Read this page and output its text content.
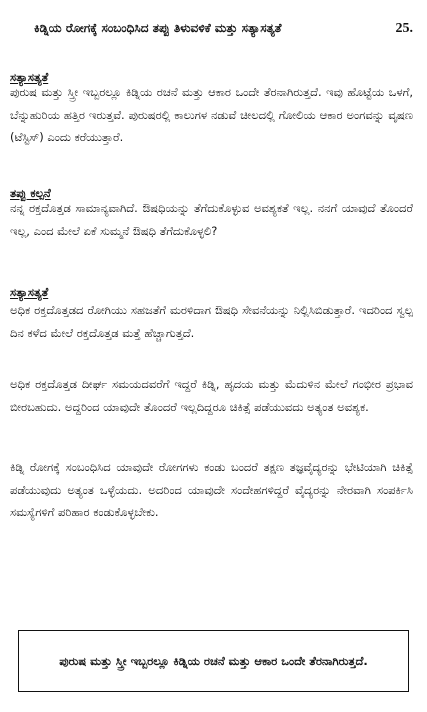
ಕಿಡ್ನಿಯ ರೋಗಕ್ಕೆ ಸಂಬಂಧಿಸಿದ ತಪ್ಪು ತಿಳುವಳಿಕೆ ಮತ್ತು ಸತ್ಯಾಸತ್ಯತೆ	25.
ಸತ್ಯಾಸತ್ಯತೆ

ಪುರುಷ ಮತ್ತು ಸ್ತ್ರೀ ಇಬ್ಬರಲ್ಲೂ ಕಿಡ್ನಿಯ ರಚನೆ ಮತ್ತು ಆಕಾರ ಒಂದೇ ತೆರನಾಗಿರುತ್ತದೆ. ಇವು ಹೊಟ್ಟೆಯ ಒಳಗೆ, ಬೆನ್ನುಹುರಿಯ ಹತ್ತಿರ ಇರುತ್ತವೆ. ಪುರುಷರಲ್ಲಿ ಕಾಲುಗಳ ನಡುವೆ ಚೀಲದಲ್ಲಿ ಗೋಲಿಯ ಆಕಾರ ಅಂಗವನ್ನು ವೃಷಣ (ಟೆಸ್ಟಿಸ್) ಎಂದು ಕರೆಯುತ್ತಾರೆ.

ತಪ್ಪು ಕಲ್ಪನೆ

ನನ್ನ ರಕ್ತದೊತ್ತಡ ಸಾಮಾನ್ಯವಾಗಿದೆ. ಔಷಧಿಯನ್ನು ತೆಗೆದುಕೊಳ್ಳುವ ಅವಶ್ಯಕತೆ ಇಲ್ಲ. ನನಗೆ ಯಾವುದೆ ತೊಂದರೆ ಇಲ್ಲ, ಎಂದ ಮೇಲೆ ಏಕೆ ಸುಮ್ಮನೆ ಔಷಧಿ ತೆಗೆದುಕೊಳ್ಳಲಿ?

ಸತ್ಯಾಸತ್ಯತೆ

ಅಧಿಕ ರಕ್ತದೊತ್ತಡದ ರೋಗಿಯು ಸಹಜತೆಗೆ ಮರಳಿದಾಗ ಔಷಧಿ ಸೇವನೆಯನ್ನು ನಿಲ್ಲಿಸಿಬಿಡುತ್ತಾರೆ. ಇದರಿಂದ ಸ್ವಲ್ಪ ದಿನ ಕಳೆದ ಮೇಲೆ ರಕ್ತದೊತ್ತಡ ಮತ್ತೆ ಹೆಚ್ಚಾಗುತ್ತದೆ.

ಅಧಿಕ ರಕ್ತದೊತ್ತಡ ದೀರ್ಘ ಸಮಯದವರೆಗೆ ಇದ್ದರೆ ಕಿಡ್ನಿ, ಹೃದಯ ಮತ್ತು ಮೆದುಳಿನ ಮೇಲೆ ಗಂಭೀರ ಪ್ರಭಾವ ಬೀರಬಹುದು. ಅದ್ದರಿಂದ ಯಾವುದೇ ತೊಂದರೆ ಇಲ್ಲದಿದ್ದರೂ ಚಿಕಿತ್ಸೆ ಪಡೆಯುವದು ಅತ್ಯಂತ ಅವಶ್ಯಕ.

ಕಿಡ್ನಿ ರೋಗಕ್ಕೆ ಸಂಬಂಧಿಸಿದ ಯಾವುದೇ ರೋಗಗಳು ಕಂಡು ಬಂದರೆ ತಕ್ಷಣ ತಜ್ಞವೈದ್ಯರನ್ನು ಭೇಟಿಯಾಗಿ ಚಿಕಿತ್ಸೆ ಪಡೆಯುವುದು ಅತ್ಯಂತ ಒಳ್ಳೆಯದು. ಅದರಿಂದ ಯಾವುದೇ ಸಂದೇಹಗಳಿದ್ದರೆ ವೈದ್ಯರನ್ನು ನೇರವಾಗಿ ಸಂಪರ್ಕಿಸಿ ಸಮಸ್ಯೆಗಳಿಗೆ ಪರಿಹಾರ ಕಂಡುಕೊಳ್ಳಬೇಕು.

ಪುರುಷ ಮತ್ತು ಸ್ತ್ರೀ ಇಬ್ಬರಲ್ಲೂ ಕಿಡ್ನಿಯ ರಚನೆ ಮತ್ತು ಆಕಾರ ಒಂದೇ ತೆರನಾಗಿರುತ್ತದೆ.
